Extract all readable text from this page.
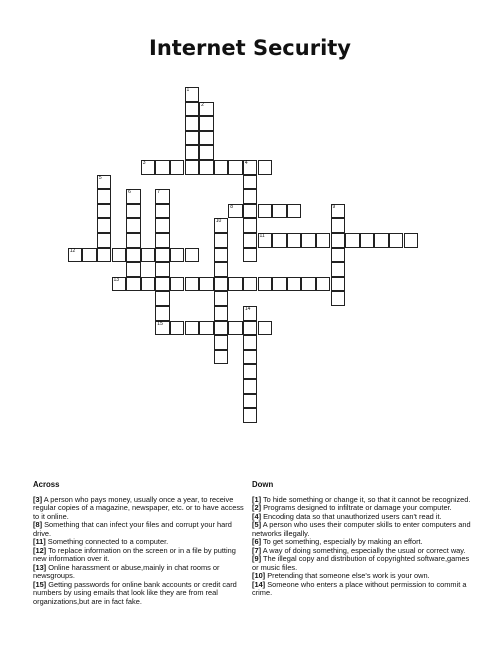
Internet Security
1
2
3	4
5
6	7
15
8	9
10
11
12
13
14
Across
[3] A person who pays money, usually once a year, to receive regular copies of a magazine, newspaper, etc. or to have access to it online.
[8] Something that can infect your files and corrupt your hard drive.
[11] Something connected to a computer.
[12] To replace information on the screen or in a file by putting new information over it.
[13] Online harassment or abuse,mainly in chat rooms or newsgroups.
[15] Getting passwords for online bank accounts or credit card numbers by using emails that look like they are from real organizations,but are in fact fake.
Down
[1] To hide something or change it, so that it cannot be recognized.
[2] Programs designed to infiltrate or damage your computer.
[4] Encoding data so that unauthorized users can't read it.
[5] A person who uses their computer skills to enter computers and networks illegally.
[6] To get something, especially by making an effort.
[7] A way of doing something, especially the usual or correct way.
[9] The illegal copy and distribution of copyrighted software,games or music files.
[10] Pretending that someone else's work is your own.
[14] Someone who enters a place without permission to commit a crime.
